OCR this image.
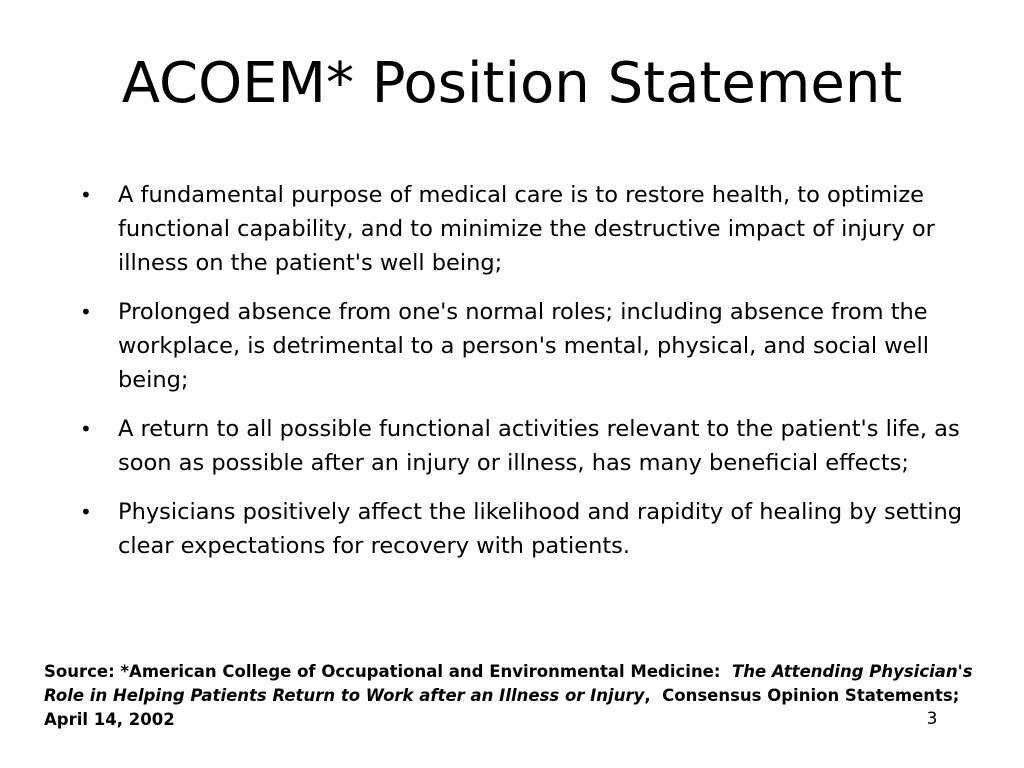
ACOEM* Position Statement
•	A fundamental purpose of medical care is to restore health, to optimize functional capability, and to minimize the destructive impact of injury or illness on the patient's well being;
•	Prolonged absence from one's normal roles; including absence from the workplace, is detrimental to a person's mental, physical, and social well being;
•	A return to all possible functional activities relevant to the patient's life, as soon as possible after an injury or illness, has many beneficial effects;
•	Physicians positively affect the likelihood and rapidity of healing by setting clear expectations for recovery with patients.
Source: *American College of Occupational and Environmental Medicine: The Attending Physician's Role in Helping Patients Return to Work after an Illness or Injury,  Consensus Opinion Statements; April 14, 2002	3
